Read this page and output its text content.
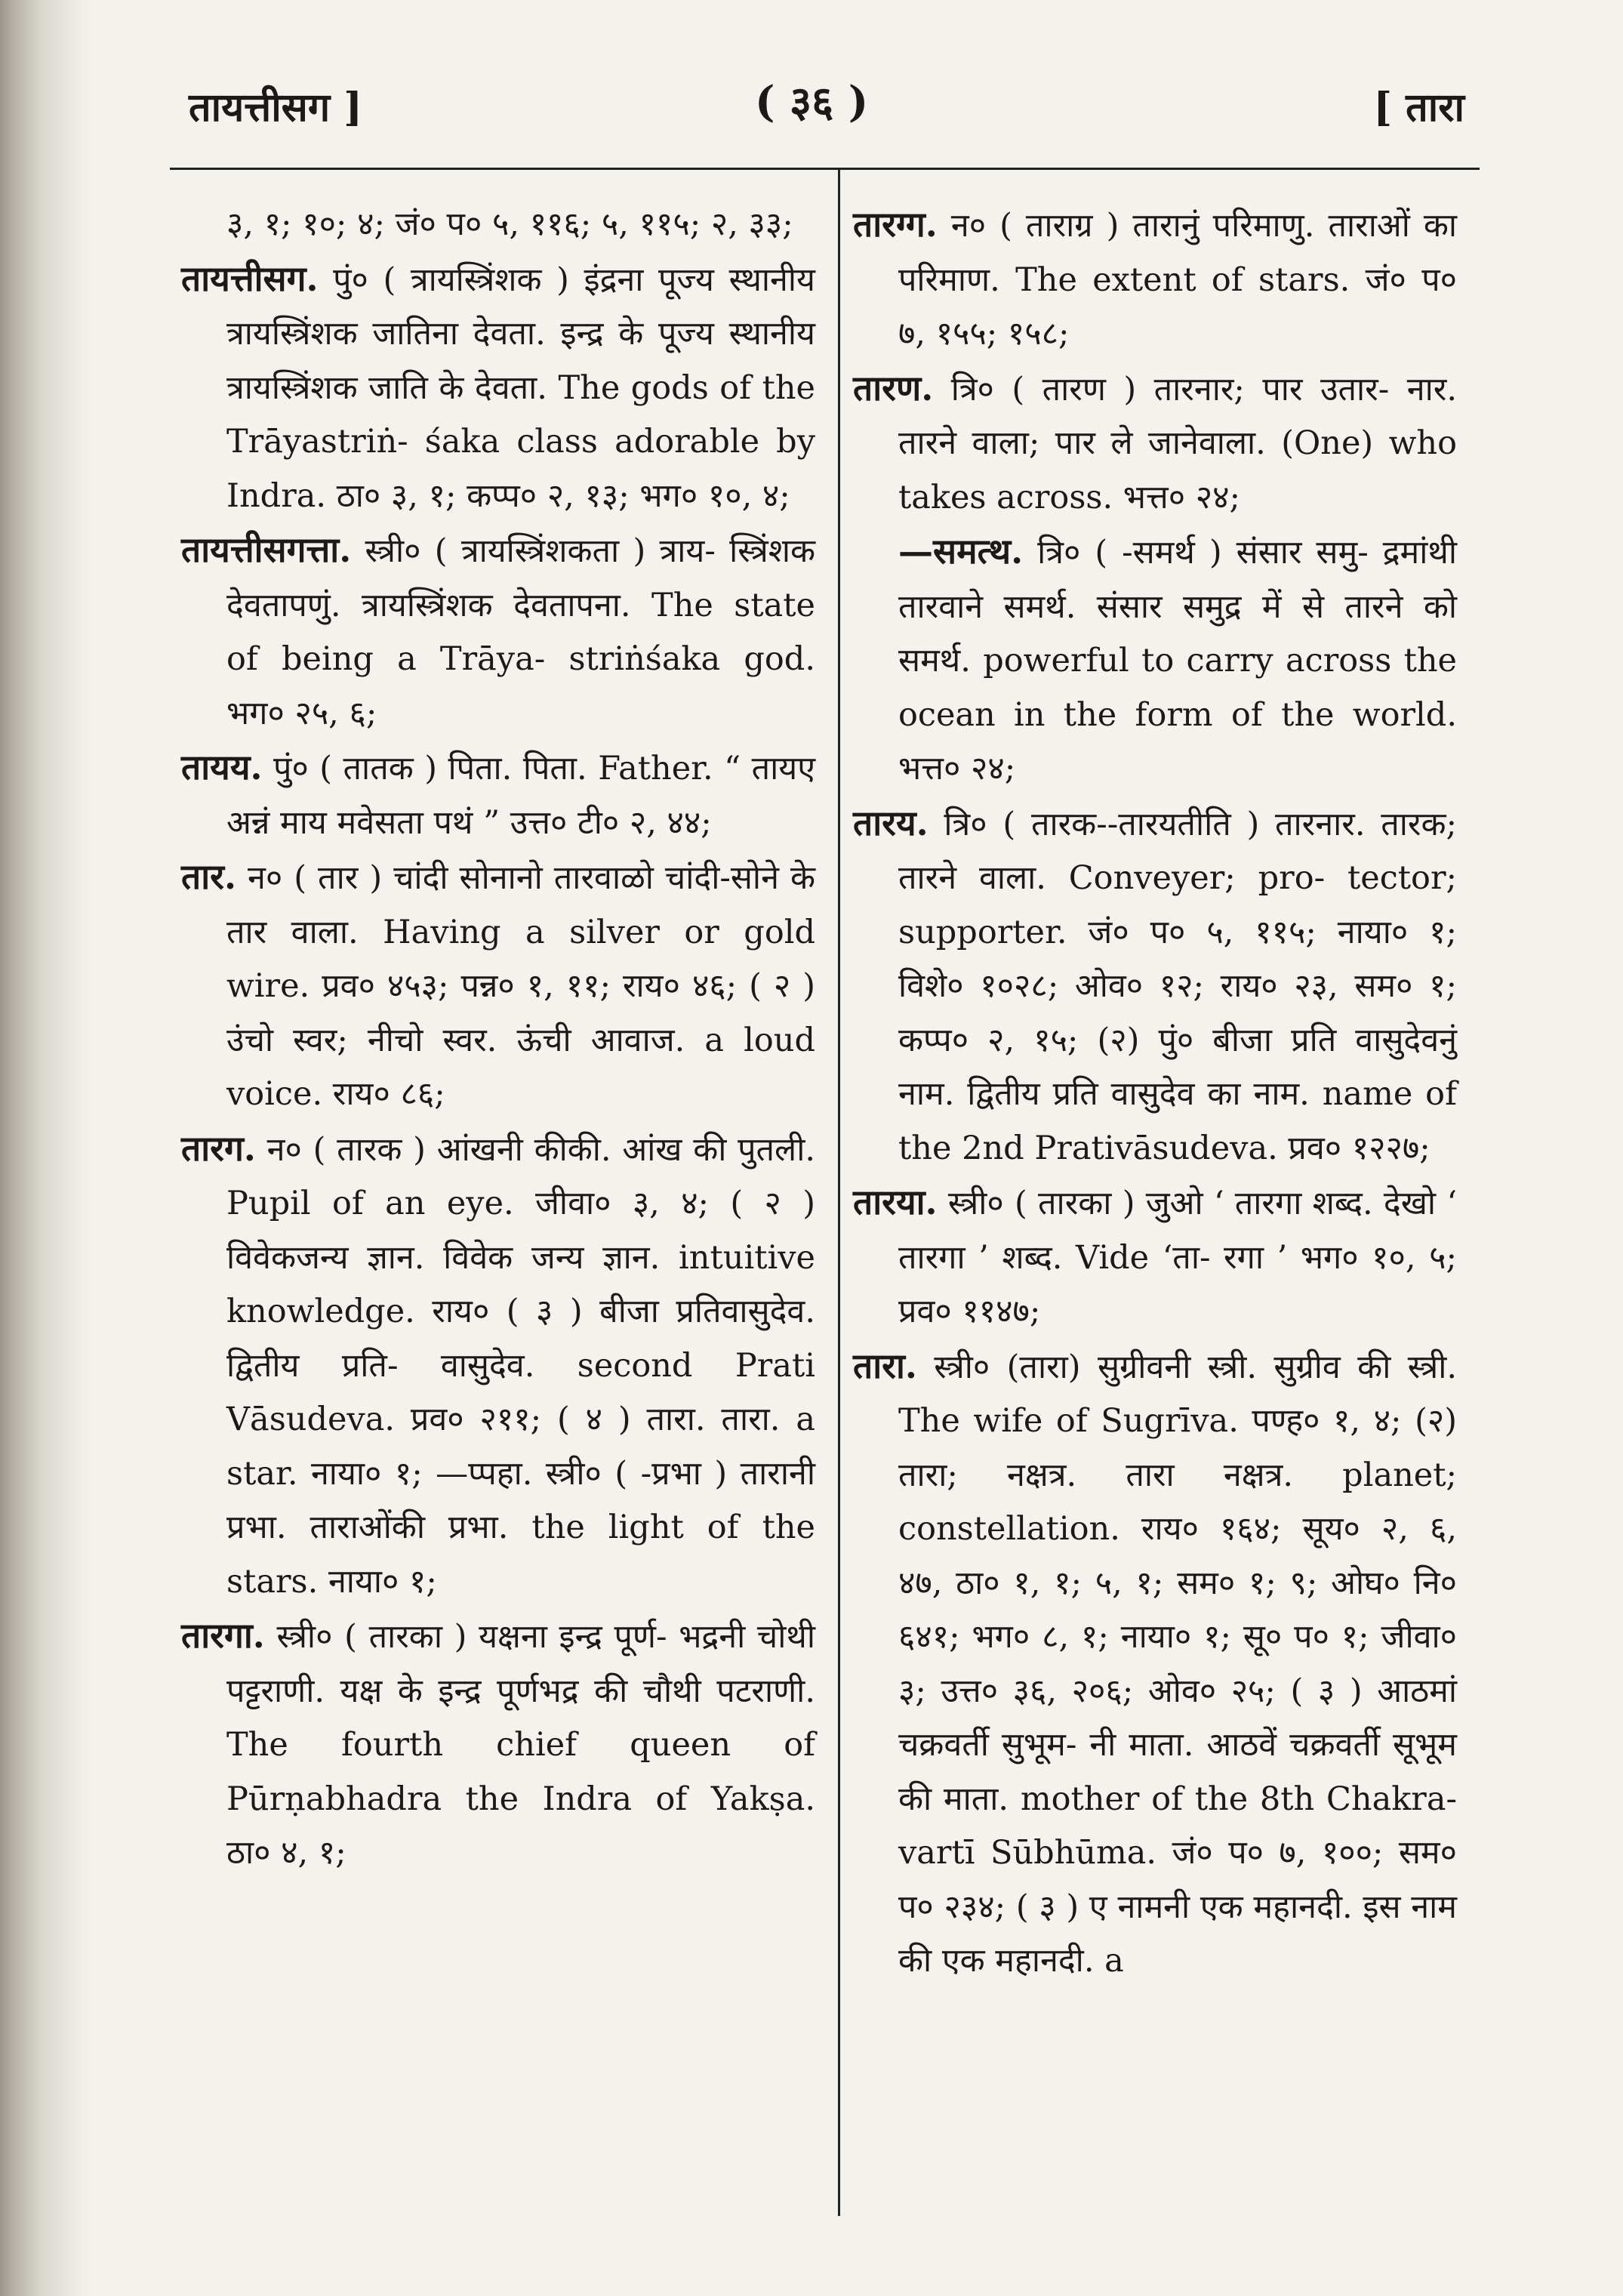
तायत्तीसग ]	( ३६ )	[ तारा

३, १; १०; ४; जं० प० ५, ११६; ५, ११५; २, ३३;

तायत्तीसग. पुं० ( त्रायस्त्रिंशक ) इंद्रना पूज्य स्थानीय त्रायस्त्रिंशक जातिना देवता. इन्द्र के पूज्य स्थानीय त्रायस्त्रिंशक जाति के देवता. The gods of the Trāyastriṅ- śaka class adorable by Indra. ठा० ३, १; कप्प० २, १३; भग० १०, ४;

तायत्तीसगत्ता. स्त्री० ( त्रायस्त्रिंशकता ) त्राय- स्त्रिंशक देवतापणुं. त्रायस्त्रिंशक देवतापना. The state of being a Trāya- striṅśaka god. भग० २५, ६;

तायय. पुं० ( तातक ) पिता. पिता. Father. “ तायए अन्नं माय मवेसता पथं ” उत्त० टी० २, ४४;

तार. न० ( तार ) चांदी सोनानो तारवाळो चांदी-सोने के तार वाला. Having a silver or gold wire. प्रव० ४५३; पन्न० १, ११; राय० ४६; ( २ ) उंचो स्वर; नीचो स्वर. ऊंची आवाज. a loud voice. राय० ८६;

तारग. न० ( तारक ) आंखनी कीकी. आंख की पुतली. Pupil of an eye. जीवा० ३, ४; ( २ ) विवेकजन्य ज्ञान. विवेक जन्य ज्ञान. intuitive knowledge. राय० ( ३ ) बीजा प्रतिवासुदेव. द्वितीय प्रति- वासुदेव. second Prati Vāsudeva. प्रव० २११; ( ४ ) तारा. तारा. a star. नाया० १; —प्पहा. स्त्री० ( -प्रभा ) तारानी प्रभा. ताराओंकी प्रभा. the light of the stars. नाया० १;

तारगा. स्त्री० ( तारका ) यक्षना इन्द्र पूर्ण- भद्रनी चोथी पट्टराणी. यक्ष के इन्द्र पूर्णभद्र की चौथी पटराणी. The fourth chief queen of Pūrṇabhadra the Indra of Yakṣa. ठा० ४, १;

तारग्ग. न० ( ताराग्र ) तारानुं परिमाणु. ताराओं का परिमाण. The extent of stars. जं० प० ७, १५५; १५८;

तारण. त्रि० ( तारण ) तारनार; पार उतार- नार. तारने वाला; पार ले जानेवाला. (One) who takes across. भत्त० २४;

—समत्थ. त्रि० ( -समर्थ ) संसार समु- द्रमांथी तारवाने समर्थ. संसार समुद्र में से तारने को समर्थ. powerful to carry across the ocean in the form of the world. भत्त० २४;

तारय. त्रि० ( तारक--तारयतीति ) तारनार. तारक; तारने वाला. Conveyer; pro- tector; supporter. जं० प० ५, ११५; नाया० १; विशे० १०२८; ओव० १२; राय० २३, सम० १; कप्प० २, १५; (२) पुं० बीजा प्रति वासुदेवनुं नाम. द्वितीय प्रति वासुदेव का नाम. name of the 2nd Prativāsudeva. प्रव० १२२७;

तारया. स्त्री० ( तारका ) जुओ ‘ तारगा शब्द. देखो ‘ तारगा ’ शब्द. Vide ‘ता- रगा ’ भग० १०, ५; प्रव० ११४७;

तारा. स्त्री० (तारा) सुग्रीवनी स्त्री. सुग्रीव की स्त्री. The wife of Sugrīva. पण्ह० १, ४; (२) तारा; नक्षत्र. तारा नक्षत्र. planet; constellation. राय० १६४; सूय० २, ६, ४७, ठा० १, १; ५, १; सम० १; ९; ओघ० नि० ६४१; भग० ८, १; नाया० १; सू० प० १; जीवा० ३; उत्त० ३६, २०६; ओव० २५; ( ३ ) आठमां चक्रवर्ती सुभूम- नी माता. आठवें चक्रवर्ती सूभूम की माता. mother of the 8th Chakra- vartī Sūbhūma. जं० प० ७, १००; सम० प० २३४; ( ३ ) ए नामनी एक महानदी. इस नाम की एक महानदी. a
